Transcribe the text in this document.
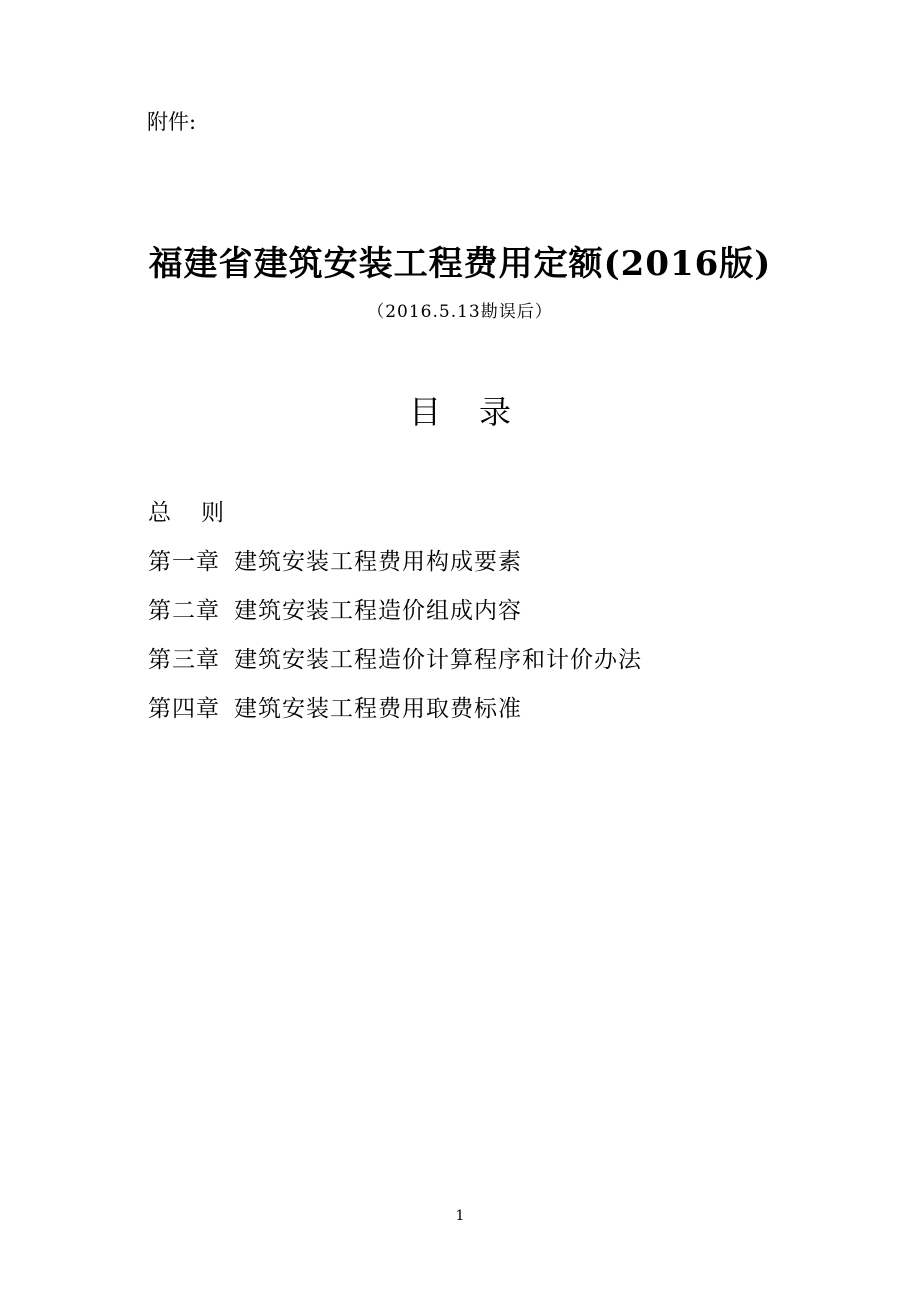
附件:
福建省建筑安装工程费用定额(2016版)
（2016.5.13勘误后）
目 录
总则
第一章 建筑安装工程费用构成要素
第二章 建筑安装工程造价组成内容
第三章 建筑安装工程造价计算程序和计价办法
第四章 建筑安装工程费用取费标准
1
